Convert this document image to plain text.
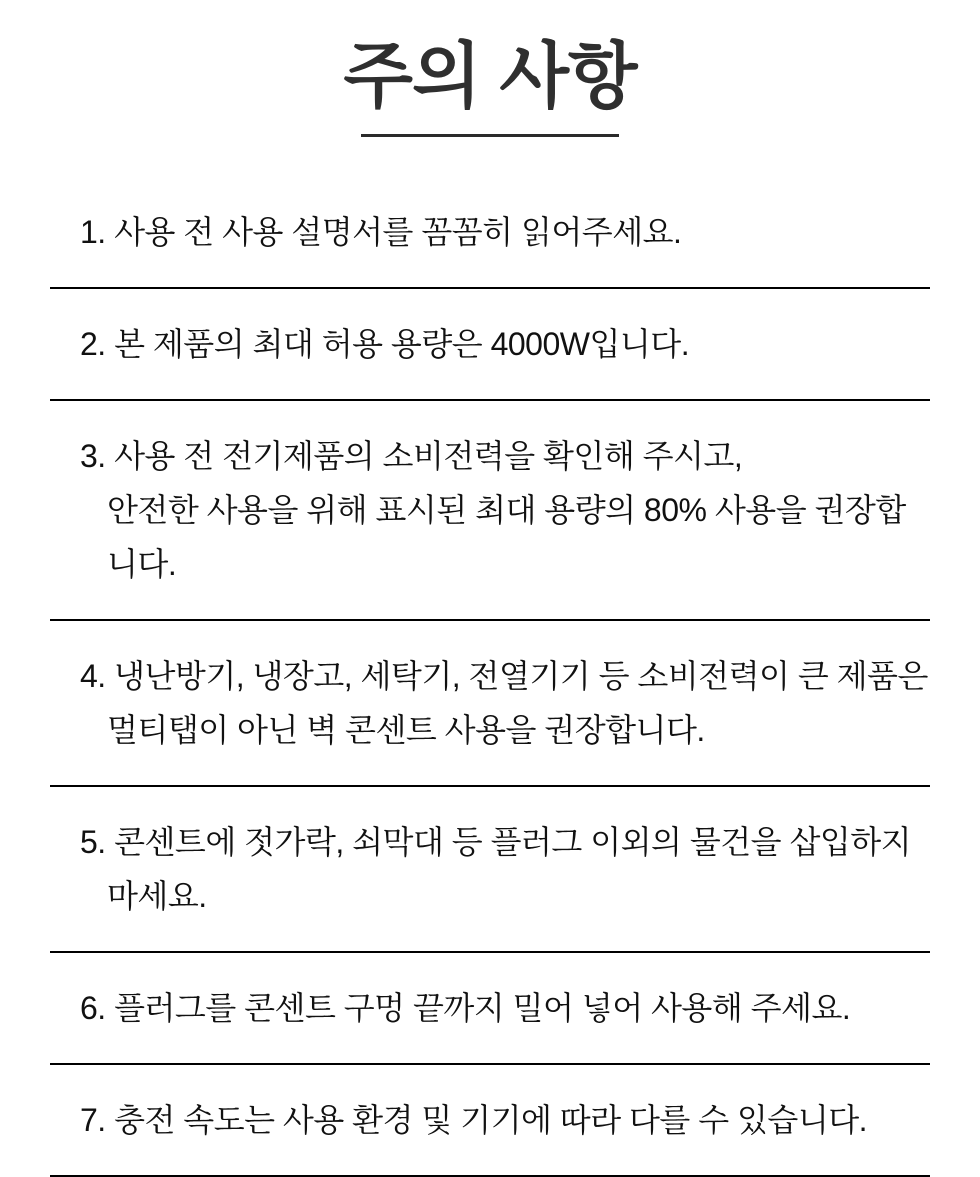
주의 사항

1. 사용 전 사용 설명서를 꼼꼼히 읽어주세요.

2. 본 제품의 최대 허용 용량은 4000W입니다.

3. 사용 전 전기제품의 소비전력을 확인해 주시고,
안전한 사용을 위해 표시된 최대 용량의 80% 사용을 권장합니다.

4. 냉난방기, 냉장고, 세탁기, 전열기기 등 소비전력이 큰 제품은
멀티탭이 아닌 벽 콘센트 사용을 권장합니다.

5. 콘센트에 젓가락, 쇠막대 등 플러그 이외의 물건을 삽입하지 마세요.

6. 플러그를 콘센트 구멍 끝까지 밀어 넣어 사용해 주세요.

7. 충전 속도는 사용 환경 및 기기에 따라 다를 수 있습니다.
